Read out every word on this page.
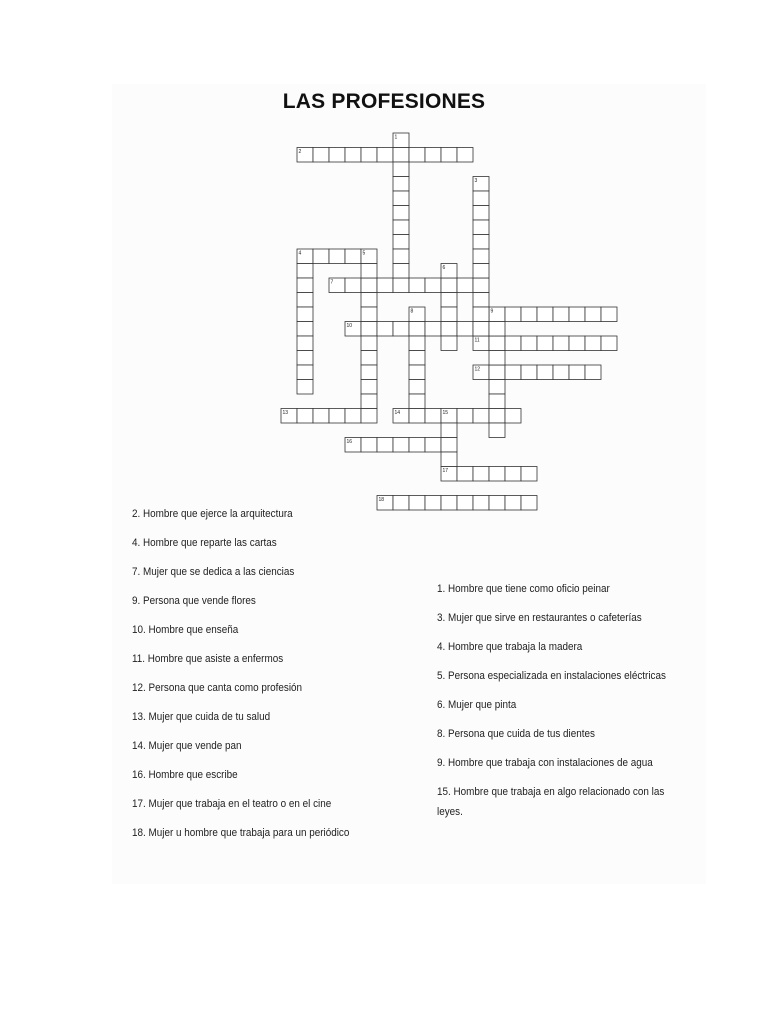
LAS PROFESIONES
1
2
3
4	5
6
7
8	9
10
11
12
13	14	15
16
17
18
2. Hombre que ejerce la arquitectura
4. Hombre que reparte las cartas
7. Mujer que se dedica a las ciencias
9. Persona que vende flores
10. Hombre que enseña
11. Hombre que asiste a enfermos
12. Persona que canta como profesión
13. Mujer que cuida de tu salud
14. Mujer que vende pan
16. Hombre que escribe
17. Mujer que trabaja en el teatro o en el cine
18. Mujer u hombre que trabaja para un periódico
1. Hombre que tiene como oficio peinar
3. Mujer que sirve en restaurantes o cafeterías
4. Hombre que trabaja la madera
5. Persona especializada en instalaciones eléctricas
6. Mujer que pinta
8. Persona que cuida de tus dientes
9. Hombre que trabaja con instalaciones de agua
15. Hombre que trabaja en algo relacionado con las leyes.
